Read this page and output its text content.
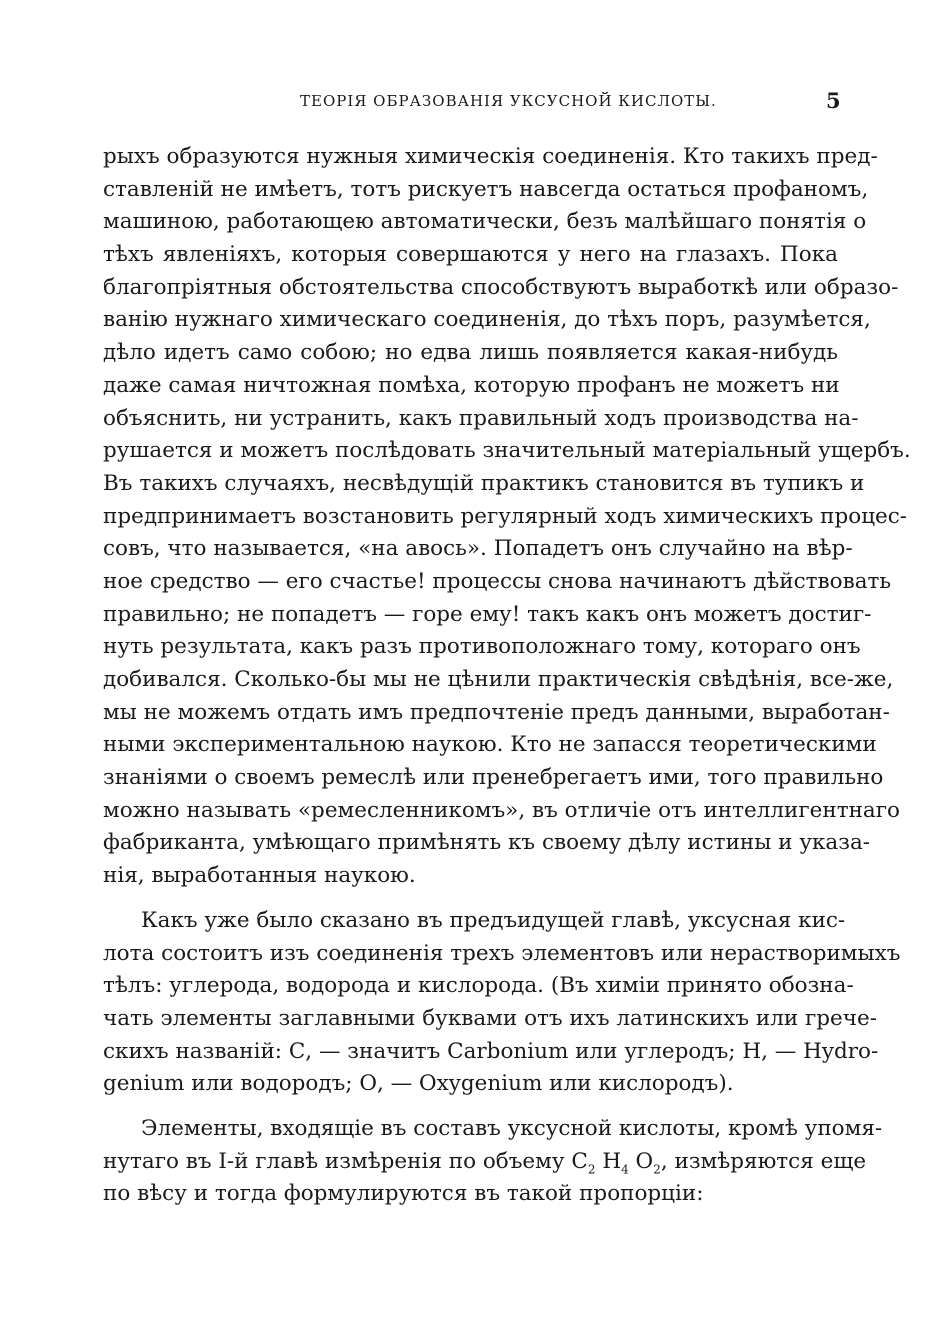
ТЕОРІЯ ОБРАЗОВАНІЯ УКСУСНОЙ КИСЛОТЫ.	5
рыхъ образуются нужныя химическія соединенія. Кто такихъ пред-
ставленій не имѣетъ, тотъ рискуетъ навсегда остаться профаномъ,
машиною, работающею автоматически, безъ малѣйшаго понятія о
тѣхъ явленіяхъ, которыя совершаются у него на глазахъ. Пока
благопріятныя обстоятельства способствуютъ выработкѣ или образо-
ванію нужнаго химическаго соединенія, до тѣхъ поръ, разумѣется,
дѣло идетъ само собою; но едва лишь появляется какая-нибудь
даже самая ничтожная помѣха, которую профанъ не можетъ ни
объяснить, ни устранить, какъ правильный ходъ производства на-
рушается и можетъ послѣдовать значительный матеріальный ущербъ.
Въ такихъ случаяхъ, несвѣдущій практикъ становится въ тупикъ и
предпринимаетъ возстановить регулярный ходъ химическихъ процес-
совъ, что называется, «на авось». Попадетъ онъ случайно на вѣр-
ное средство — его счастье! процессы снова начинаютъ дѣйствовать
правильно; не попадетъ — горе ему! такъ какъ онъ можетъ достиг-
нуть результата, какъ разъ противоположнаго тому, котораго онъ
добивался. Сколько-бы мы не цѣнили практическія свѣдѣнія, все-же,
мы не можемъ отдать имъ предпочтеніе предъ данными, выработан-
ными экспериментальною наукою. Кто не запасся теоретическими
знаніями о своемъ ремеслѣ или пренебрегаетъ ими, того правильно
можно называть «ремесленникомъ», въ отличіе отъ интеллигентнаго
фабриканта, умѣющаго примѣнять къ своему дѣлу истины и указа-
нія, выработанныя наукою.
Какъ уже было сказано въ предъидущей главѣ, уксусная кис-
лота состоитъ изъ соединенія трехъ элементовъ или нерастворимыхъ
тѣлъ: углерода, водорода и кислорода. (Въ химіи принято обозна-
чать элементы заглавными буквами отъ ихъ латинскихъ или грече-
скихъ названій: С, — значитъ Carbonium или углеродъ; Н, — Hydro-
genium или водородъ; О, — Oxygenium или кислородъ).
Элементы, входящіе въ составъ уксусной кислоты, кромѣ упомя-
нутаго въ I-й главѣ измѣренія по объему $С_2$ $Н_4$ $О_2$, измѣряются еще
по вѣсу и тогда формулируются въ такой пропорціи:
